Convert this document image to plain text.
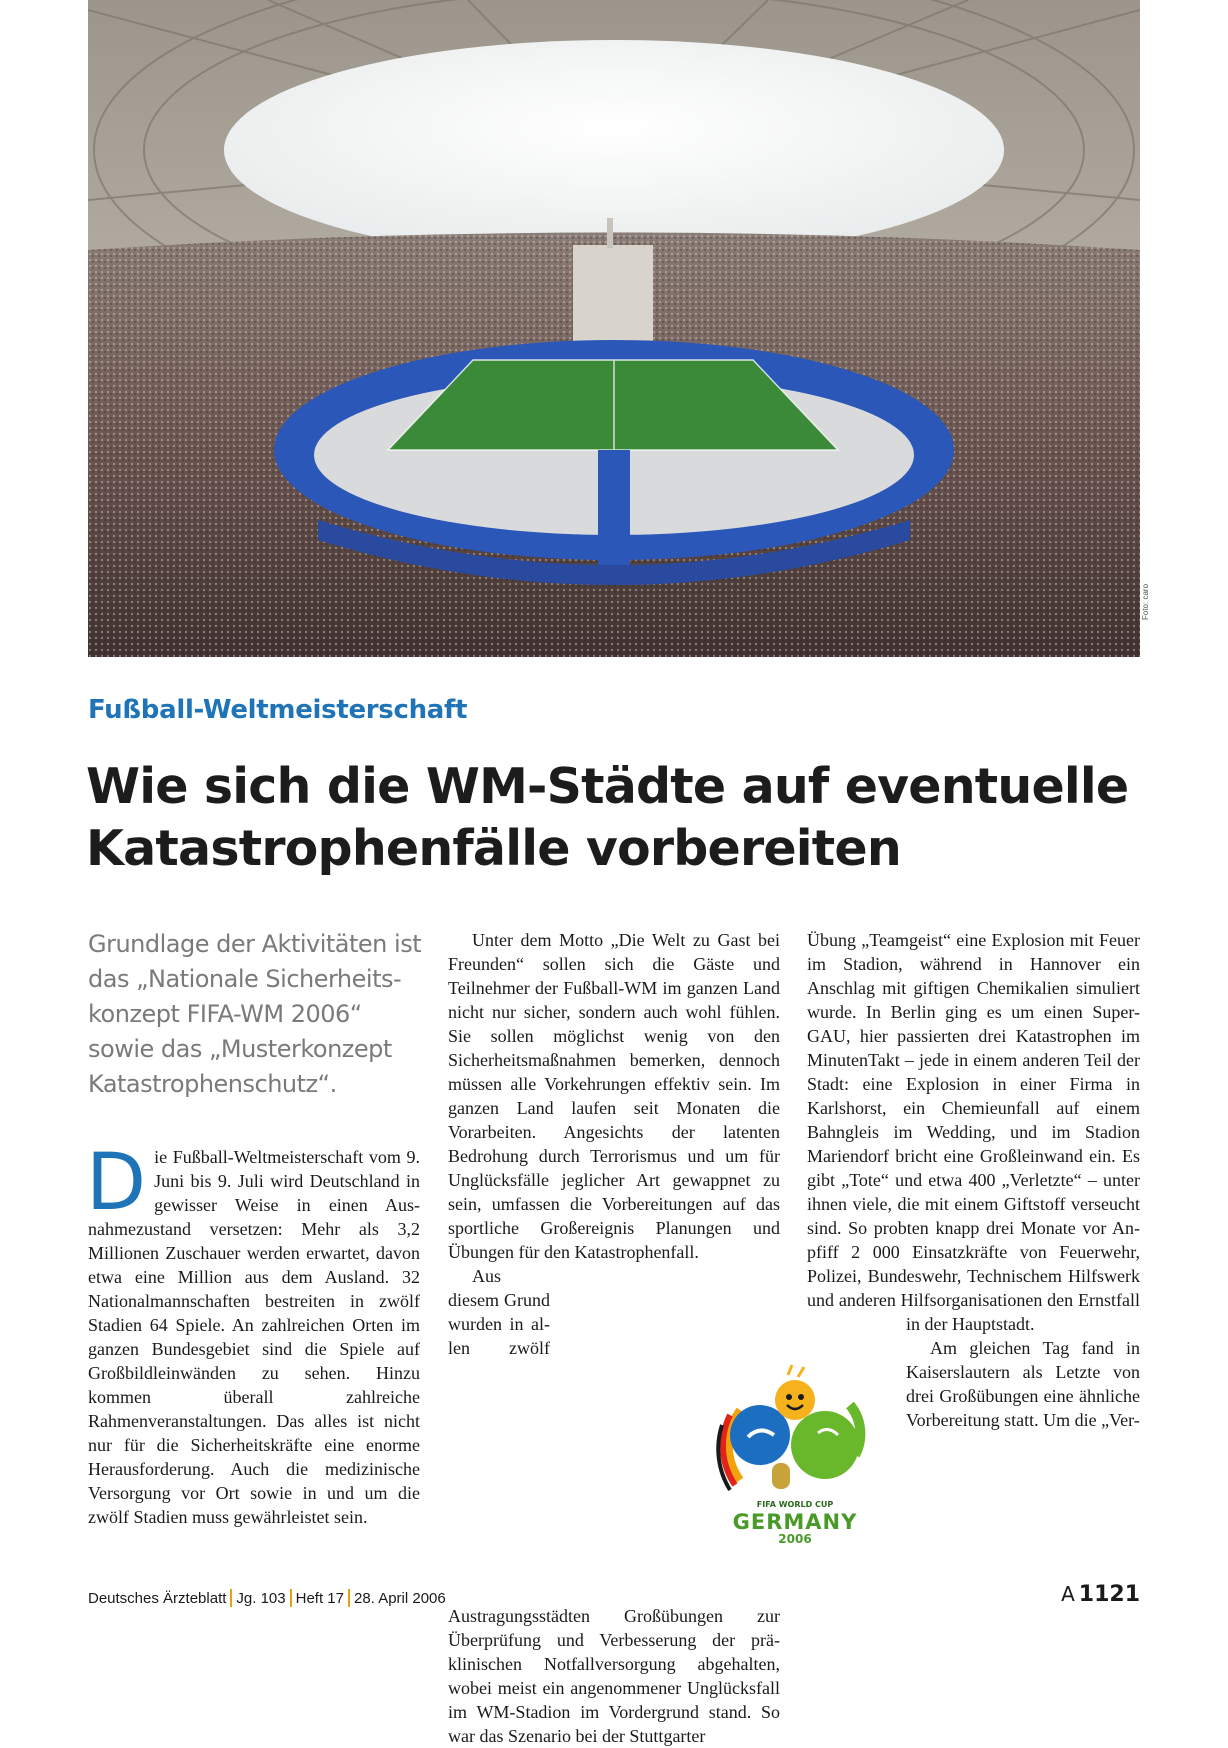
Foto: caro
Fußball-Weltmeisterschaft
Wie sich die WM-Städte auf eventuelle
Katastrophenfälle vorbereiten

Grundlage der Aktivitäten ist das „Nationale Sicherheitskonzept FIFA-WM 2006“ sowie das „Musterkonzept Katastrophenschutz“.

D ie Fußball-Weltmeisterschaft vom 9. Juni bis 9. Juli wird Deutschland in gewisser Weise in einen Ausnahmezustand versetzen: Mehr als 3,2 Millionen Zuschauer werden erwartet, davon etwa eine Million aus dem Ausland. 32 Nationalmannschaften bestreiten in zwölf Stadien 64 Spiele. An zahlreichen Orten im ganzen Bundesgebiet sind die Spiele auf Großbildleinwänden zu sehen. Hinzu kommen überall zahlreiche Rahmenveranstaltungen. Das alles ist nicht nur für die Sicherheitskräfte eine enorme Herausforderung. Auch die medizinische Versorgung vor Ort sowie in und um die zwölf Stadien muss gewährleistet sein.

Unter dem Motto „Die Welt zu Gast bei Freunden“ sollen sich die Gäste und Teilnehmer der Fußball-WM im ganzen Land nicht nur sicher, sondern auch wohl fühlen. Sie sollen möglichst wenig von den Sicherheitsmaßnahmen bemerken, dennoch müssen alle Vorkehrungen effektiv sein. Im ganzen Land laufen seit Monaten die Vorarbeiten. Angesichts der latenten Bedrohung durch Terrorismus und um für Unglücksfälle jeglicher Art gewappnet zu sein, umfassen die Vorbereitungen auf das sportliche Großereignis Planungen und Übungen für den Katastrophenfall.

Aus diesem Grund wurden in allen zwölf Austragungsstädten Großübungen zur Überprüfung und Verbesserung der präklinischen Notfallversorgung abgehalten, wobei meist ein angenommener Unglücksfall im WM-Stadion im Vordergrund stand. So war das Szenario bei der Stuttgarter

Übung „Teamgeist“ eine Explosion mit Feuer im Stadion, während in Hannover ein Anschlag mit giftigen Chemikalien simuliert wurde. In Berlin ging es um einen Super-GAU, hier passierten drei Katastrophen im MinutenTakt – jede in einem anderen Teil der Stadt: eine Explosion in einer Firma in Karlshorst, ein Chemieunfall auf einem Bahngleis im Wedding, und im Stadion Mariendorf bricht eine Großleinwand ein. Es gibt „Tote“ und etwa 400 „Verletzte“ – unter ihnen viele, die mit einem Giftstoff verseucht sind. So probten knapp drei Monate vor Anpfiff 2 000 Einsatzkräfte von Feuerwehr, Polizei, Bundeswehr, Technischem Hilfswerk und anderen Hilfsorganisationen den Ernstfall in der Hauptstadt.

Am gleichen Tag fand in Kaiserslautern als Letzte von drei Großübungen eine ähnliche Vorbereitung statt. Um die „Ver-

FIFA WORLD CUP
GERMANY
2006
Deutsches Ärzteblatt Jg. 103 Heft 17 28. April 2006	A  1121
